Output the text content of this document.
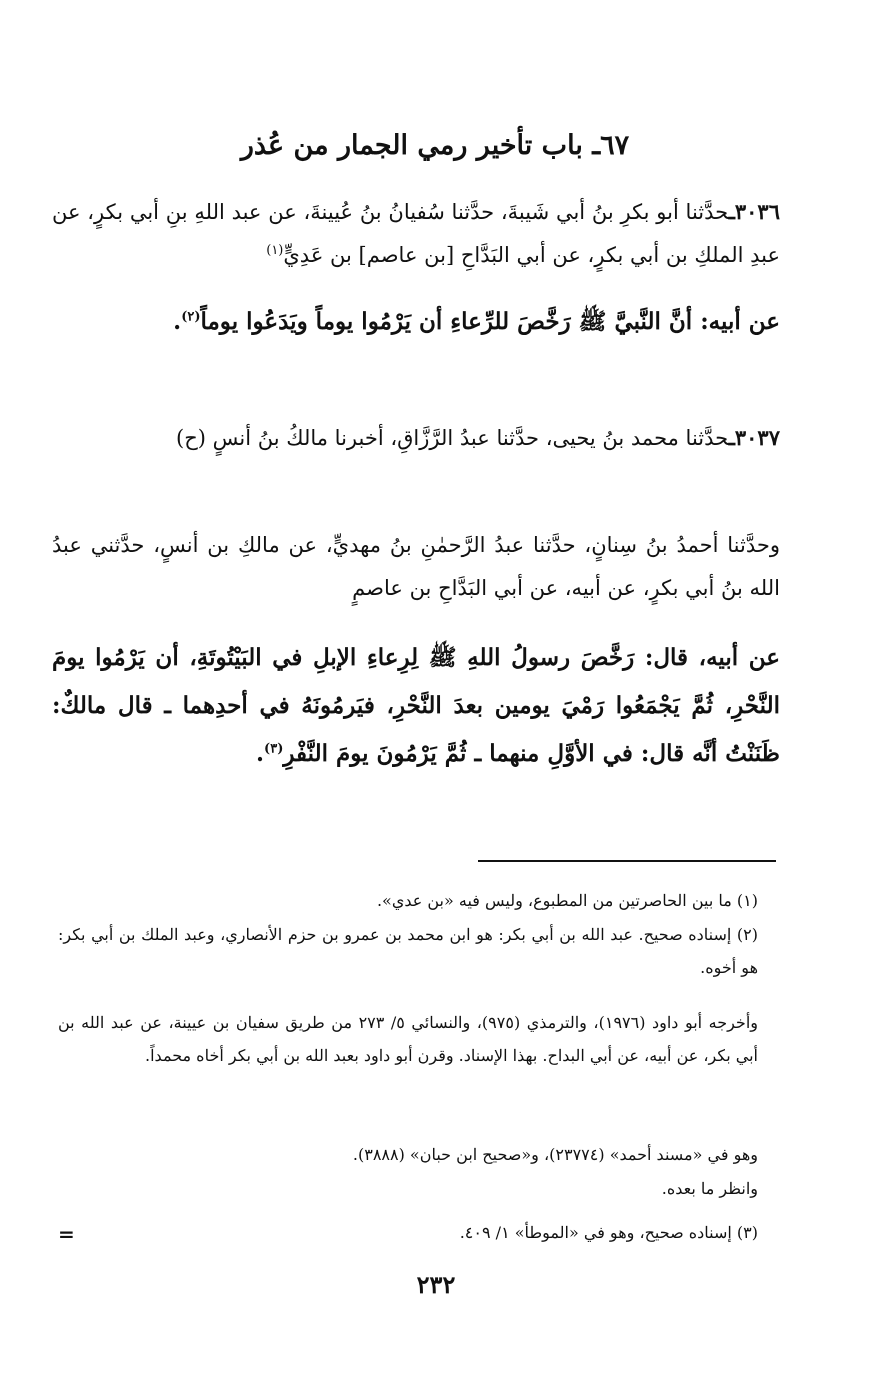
٦٧ـ باب تأخير رمي الجمار من عُذر
٣٠٣٦ـحدَّثنا أبو بكرِ بنُ أبي شَيبةَ، حدَّثنا سُفيانُ بنُ عُيينةَ، عن عبد اللهِ بنِ أبي بكرٍ، عن عبدِ الملكِ بن أبي بكرٍ، عن أبي البَدَّاحِ [بن عاصم] بن عَدِيٍّ$^{(١)}$
عن أبيه: أنَّ النَّبيَّ ﷺ رَخَّصَ للرِّعاءِ أن يَرْمُوا يوماً ويَدَعُوا يوماً$^{(٢)}$.
٣٠٣٧ـحدَّثنا محمد بنُ يحيى، حدَّثنا عبدُ الرَّزَّاقِ، أخبرنا مالكُ بنُ أنسٍ (ح)
وحدَّثنا أحمدُ بنُ سِنانٍ، حدَّثنا عبدُ الرَّحمٰنِ بنُ مهديٍّ، عن مالكِ بن أنسٍ، حدَّثني عبدُ الله بنُ أبي بكرٍ، عن أبيه، عن أبي البَدَّاحِ بن عاصمٍ
عن أبيه، قال: رَخَّصَ رسولُ اللهِ ﷺ لِرِعاءِ الإبلِ في البَيْتُوتَةِ، أن يَرْمُوا يومَ النَّحْرِ، ثُمَّ يَجْمَعُوا رَمْيَ يومين بعدَ النَّحْرِ، فيَرمُونَهُ في أحدِهما ـ قال مالكٌ: ظَنَنْتُ أنَّه قال: في الأوَّلِ منهما ـ ثُمَّ يَرْمُونَ يومَ النَّفْرِ$^{(٣)}$.
(١) ما بين الحاصرتين من المطبوع، وليس فيه «بن عدي».
(٢) إسناده صحيح. عبد الله بن أبي بكر: هو ابن محمد بن عمرو بن حزم الأنصاري، وعبد الملك بن أبي بكر: هو أخوه.
وأخرجه أبو داود (١٩٧٦)، والترمذي (٩٧٥)، والنسائي ٥/ ٢٧٣ من طريق سفيان بن عيينة، عن عبد الله بن أبي بكر، عن أبيه، عن أبي البداح. بهذا الإسناد. وقرن أبو داود بعبد الله بن أبي بكر أخاه محمداً.
وهو في «مسند أحمد» (٢٣٧٧٤)، و«صحيح ابن حبان» (٣٨٨٨).
وانظر ما بعده.
(٣) إسناده صحيح، وهو في «الموطأ» ١/ ٤٠٩.
=
٢٣٢
